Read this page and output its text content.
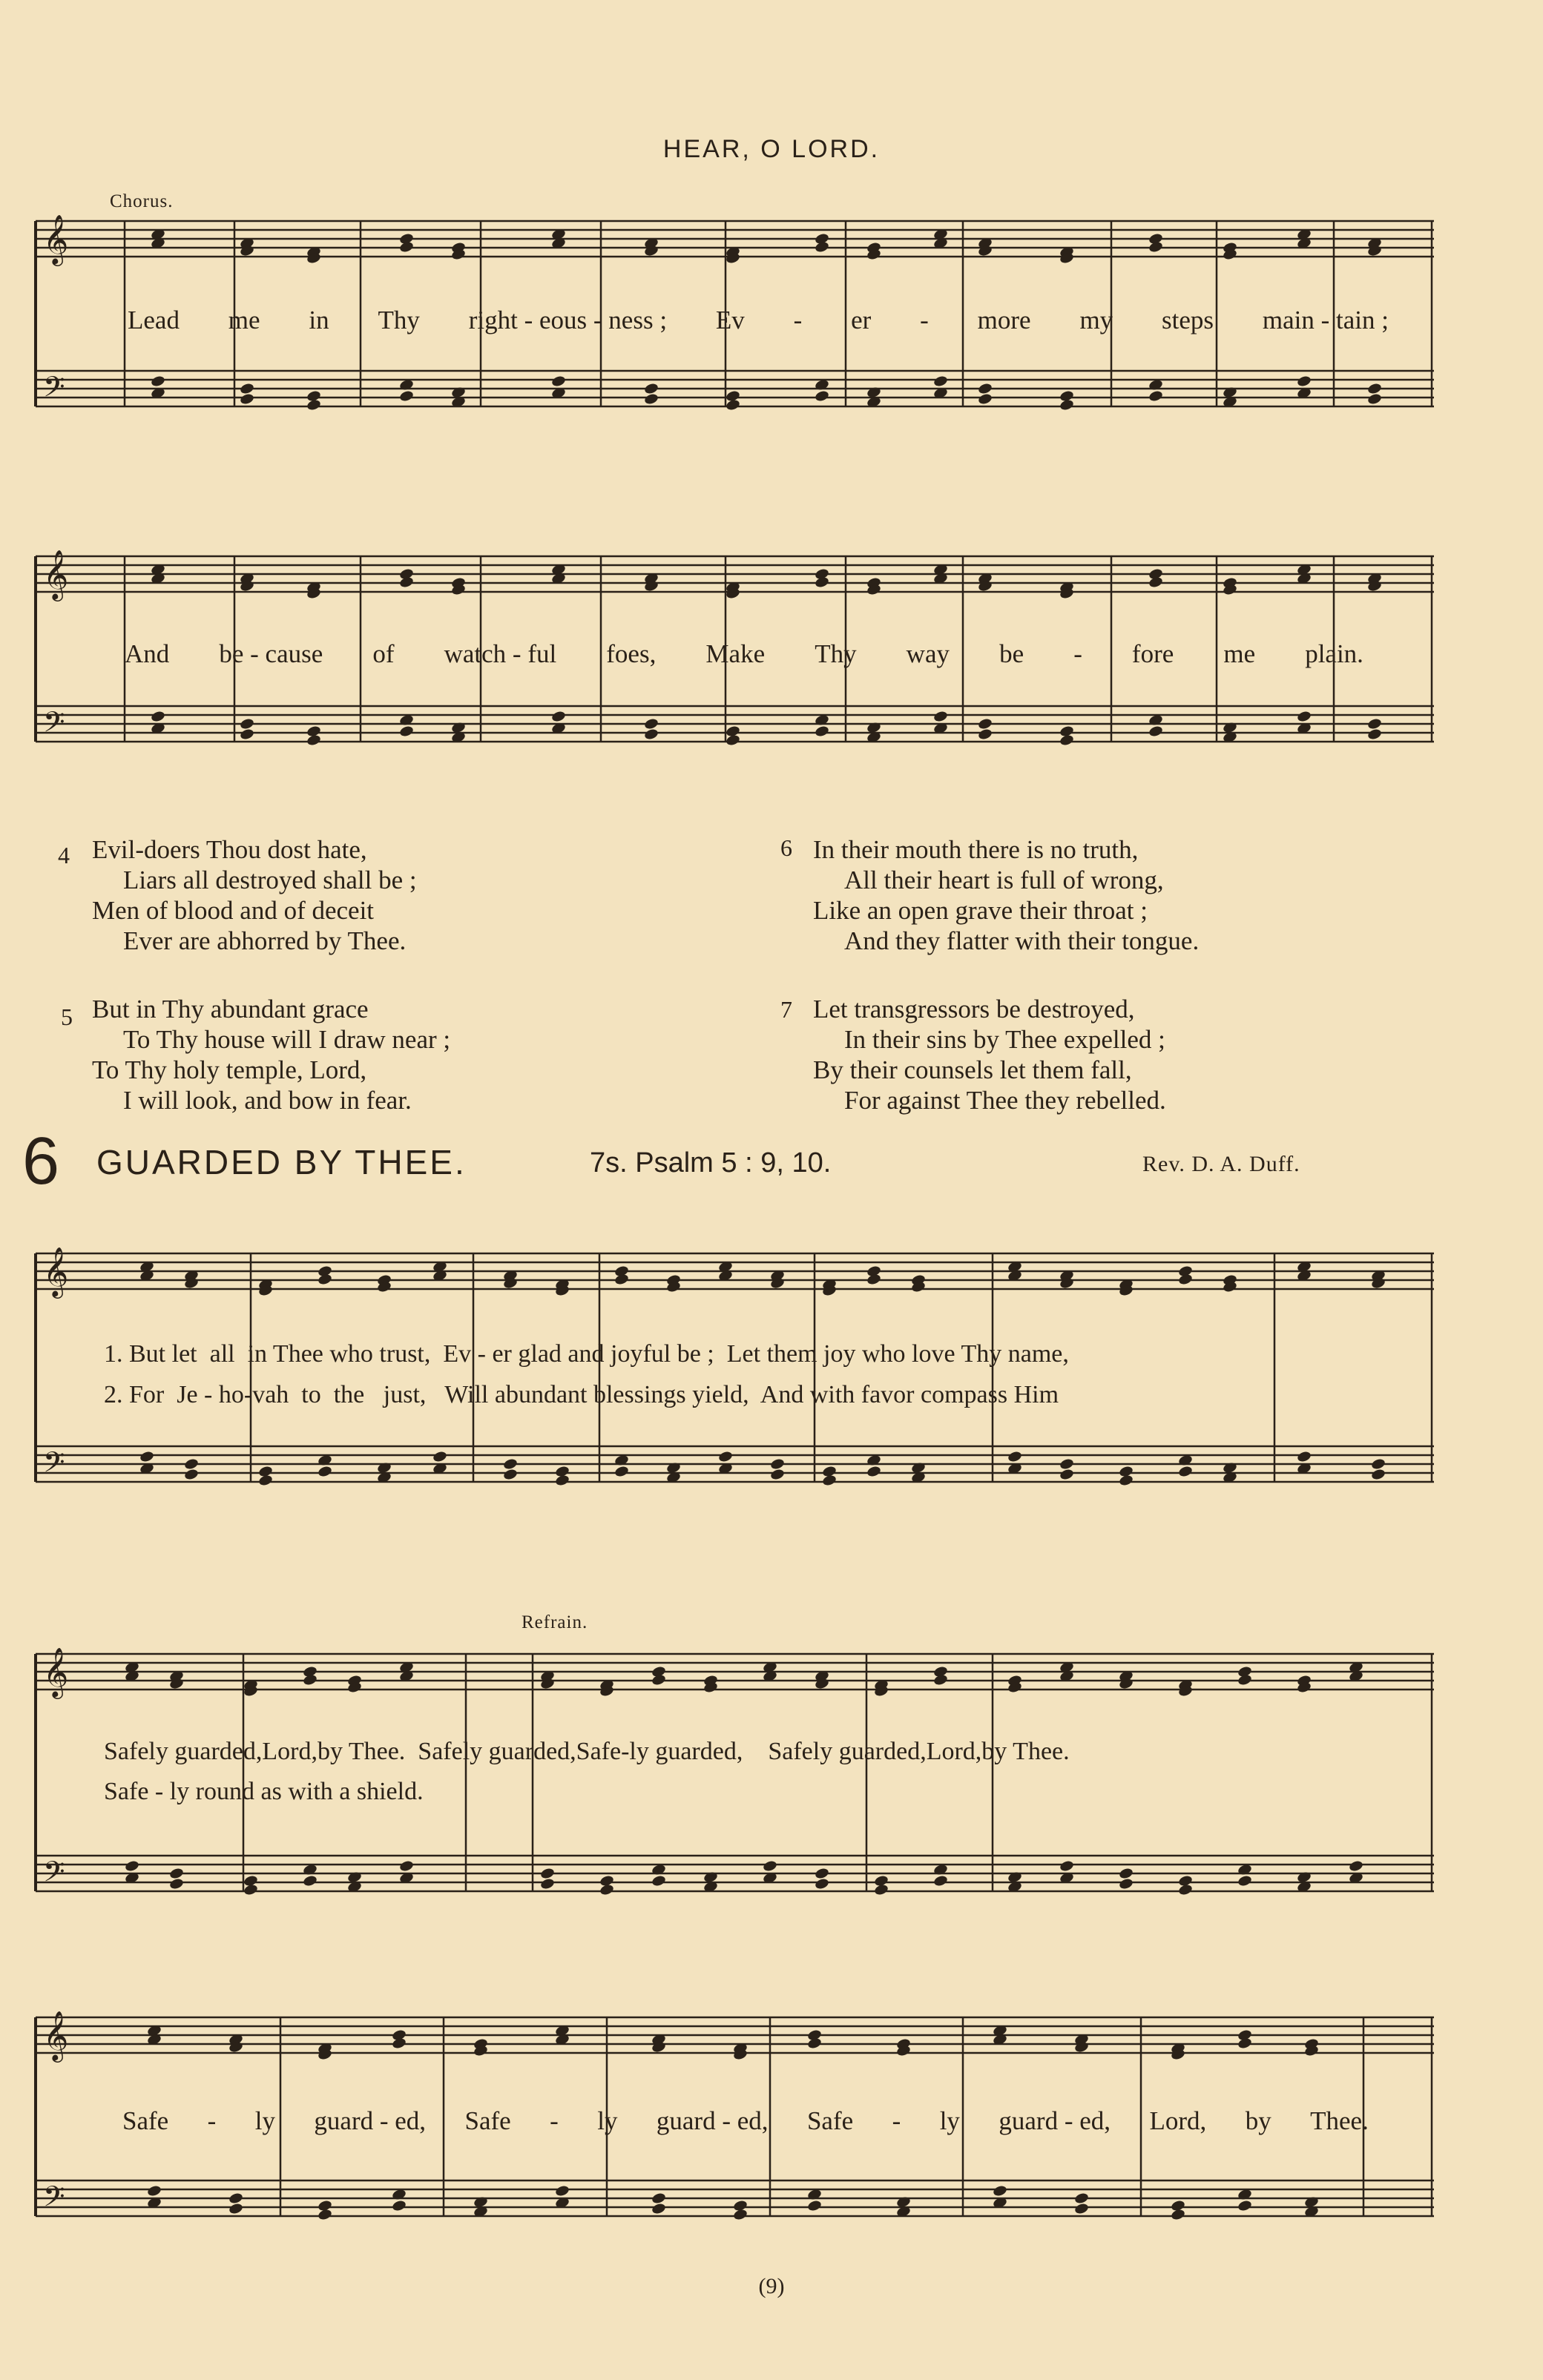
HEAR, O LORD.
𝄞
𝄢
Chorus.
Lead me in Thy right - eous - ness ; Ev - er - more my steps main - tain ;
𝄞
𝄢
And be - cause of watch - ful foes, Make Thy way be - fore me plain.
4 Evil-doers Thou dost hate,
Liars all destroyed shall be ;
Men of blood and of deceit
Ever are abhorred by Thee.
5 But in Thy abundant grace
To Thy house will I draw near ;
To Thy holy temple, Lord,
I will look, and bow in fear.
6 In their mouth there is no truth,
All their heart is full of wrong,
Like an open grave their throat ;
And they flatter with their tongue.
7 Let transgressors be destroyed,
In their sins by Thee expelled ;
By their counsels let them fall,
For against Thee they rebelled.
6 GUARDED BY THEE.	7s. Psalm 5 : 9, 10.	Rev. D. A. Duff.
𝄞
𝄢
1. But let  all  in Thee who trust,  Ev - er glad and joyful be ;  Let them joy who love Thy name,
2. For  Je - ho-vah  to  the   just,   Will abundant blessings yield,  And with favor compass Him
𝄞
𝄢
Refrain.
Safely guarded,Lord,by Thee.  Safely guarded,Safe-ly guarded,    Safely guarded,Lord,by Thee.
Safe - ly round as with a shield.
𝄞
𝄢
Safe - ly guard - ed, Safe - ly guard - ed, Safe - ly guard - ed, Lord, by Thee.
(9)
